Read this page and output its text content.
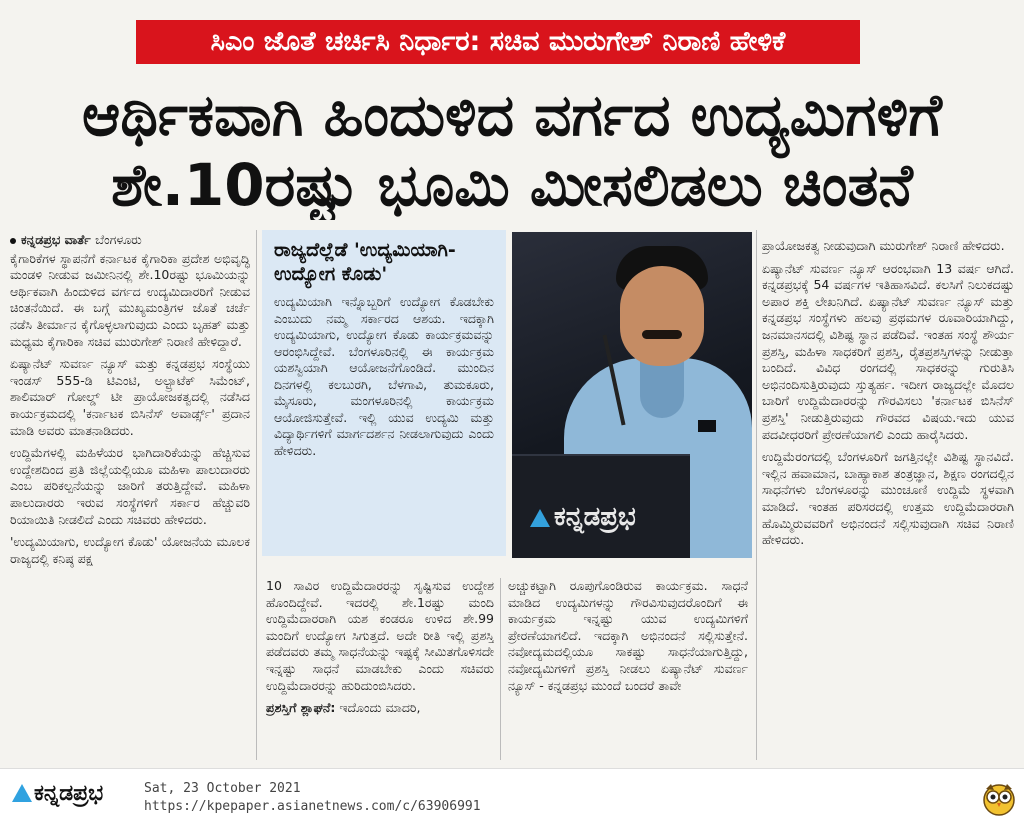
ಸಿಎಂ ಜೊತೆ ಚರ್ಚಿಸಿ ನಿರ್ಧಾರ: ಸಚಿವ ಮುರುಗೇಶ್ ನಿರಾಣಿ ಹೇಳಿಕೆ
ಆರ್ಥಿಕವಾಗಿ ಹಿಂದುಳಿದ ವರ್ಗದ ಉದ್ಯಮಿಗಳಿಗೆ
ಶೇ.10ರಷ್ಟು ಭೂಮಿ ಮೀಸಲಿಡಲು ಚಿಂತನೆ
ಕನ್ನಡಪ್ರಭ ವಾರ್ತೆ ಬೆಂಗಳೂರು

ಕೈಗಾರಿಕೆಗಳ ಸ್ಥಾಪನೆಗೆ ಕರ್ನಾಟಕ ಕೈಗಾರಿಕಾ ಪ್ರದೇಶ ಅಭಿವೃದ್ಧಿ ಮಂಡಳಿ ನೀಡುವ ಜಮೀನಿನಲ್ಲಿ ಶೇ.10ರಷ್ಟು ಭೂಮಿಯನ್ನು ಆರ್ಥಿಕವಾಗಿ ಹಿಂದುಳಿದ ವರ್ಗದ ಉದ್ಯಮಿದಾರರಿಗೆ ನೀಡುವ ಚಿಂತನೆಯಿದೆ. ಈ ಬಗ್ಗೆ ಮುಖ್ಯಮಂತ್ರಿಗಳ ಜೊತೆ ಚರ್ಚೆ ನಡೆಸಿ ತೀರ್ಮಾನ ಕೈಗೊಳ್ಳಲಾಗುವುದು ಎಂದು ಬೃಹತ್ ಮತ್ತು ಮಧ್ಯಮ ಕೈಗಾರಿಕಾ ಸಚಿವ ಮುರುಗೇಶ್ ನಿರಾಣಿ ಹೇಳಿದ್ದಾರೆ.

ಏಷ್ಯಾನೆಟ್ ಸುವರ್ಣ ನ್ಯೂಸ್ ಮತ್ತು ಕನ್ನಡಪ್ರಭ ಸಂಸ್ಥೆಯು ಇಂಡಸ್ 555-ಡಿ ಟಿಎಂಟಿ, ಅಲ್ಟ್ರಾಟೆಕ್ ಸಿಮೆಂಟ್, ಶಾಲಿಮಾರ್ ಗೋಲ್ಡ್ ಟೀ ಪ್ರಾಯೋಜಕತ್ವದಲ್ಲಿ ನಡೆಸಿದ ಕಾರ್ಯಕ್ರಮದಲ್ಲಿ 'ಕರ್ನಾಟಕ ಬಿಸಿನೆಸ್ ಅವಾರ್ಡ್ಸ್' ಪ್ರದಾನ ಮಾಡಿ ಅವರು ಮಾತನಾಡಿದರು.

ಉದ್ದಿಮೆಗಳಲ್ಲಿ ಮಹಿಳೆಯರ ಭಾಗಿದಾರಿಕೆಯನ್ನು ಹೆಚ್ಚಿಸುವ ಉದ್ದೇಶದಿಂದ ಪ್ರತಿ ಜಿಲ್ಲೆಯಲ್ಲಿಯೂ ಮಹಿಳಾ ಪಾಲುದಾರರು ಎಂಬ ಪರಿಕಲ್ಪನೆಯನ್ನು ಜಾರಿಗೆ ತರುತ್ತಿದ್ದೇವೆ. ಮಹಿಳಾ ಪಾಲುದಾರರು ಇರುವ ಸಂಸ್ಥೆಗಳಿಗೆ ಸರ್ಕಾರ ಹೆಚ್ಚುವರಿ ರಿಯಾಯಿತಿ ನೀಡಲಿದೆ ಎಂದು ಸಚಿವರು ಹೇಳಿದರು.

'ಉದ್ಯಮಿಯಾಗು, ಉದ್ಯೋಗ ಕೊಡು' ಯೋಜನೆಯ ಮೂಲಕ ರಾಜ್ಯದಲ್ಲಿ ಕನಿಷ್ಠ ಪಕ್ಷ

ರಾಜ್ಯದೆಲ್ಲೆಡೆ 'ಉದ್ಯಮಿಯಾಗಿ-ಉದ್ಯೋಗ ಕೊಡು'
ಉದ್ಯಮಿಯಾಗಿ ಇನ್ನೊಬ್ಬರಿಗೆ ಉದ್ಯೋಗ ಕೊಡಬೇಕು ಎಂಬುದು ನಮ್ಮ ಸರ್ಕಾರದ ಆಶಯ. ಇದಕ್ಕಾಗಿ ಉದ್ಯಮಿಯಾಗು, ಉದ್ಯೋಗ ಕೊಡು ಕಾರ್ಯಕ್ರಮವನ್ನು ಆರಂಭಿಸಿದ್ದೇವೆ. ಬೆಂಗಳೂರಿನಲ್ಲಿ ಈ ಕಾರ್ಯಕ್ರಮ ಯಶಸ್ವಿಯಾಗಿ ಆಯೋಜನೆಗೊಂಡಿದೆ. ಮುಂದಿನ ದಿನಗಳಲ್ಲಿ ಕಲಬುರಗಿ, ಬೆಳಗಾವಿ, ತುಮಕೂರು, ಮೈಸೂರು, ಮಂಗಳೂರಿನಲ್ಲಿ ಕಾರ್ಯಕ್ರಮ ಆಯೋಜಿಸುತ್ತೇವೆ. ಇಲ್ಲಿ ಯುವ ಉದ್ಯಮಿ ಮತ್ತು ವಿದ್ಯಾರ್ಥಿಗಳಿಗೆ ಮಾರ್ಗದರ್ಶನ ನೀಡಲಾಗುವುದು ಎಂದು ಹೇಳಿದರು.
ಕನ್ನಡಪ್ರಭ

10 ಸಾವಿರ ಉದ್ದಿಮೆದಾರರನ್ನು ಸೃಷ್ಟಿಸುವ ಉದ್ದೇಶ ಹೊಂದಿದ್ದೇವೆ. ಇದರಲ್ಲಿ ಶೇ.1ರಷ್ಟು ಮಂದಿ ಉದ್ದಿಮೆದಾರರಾಗಿ ಯಶ ಕಂಡರೂ ಉಳಿದ ಶೇ.99 ಮಂದಿಗೆ ಉದ್ಯೋಗ ಸಿಗುತ್ತದೆ. ಅದೇ ರೀತಿ ಇಲ್ಲಿ ಪ್ರಶಸ್ತಿ ಪಡೆದವರು ತಮ್ಮ ಸಾಧನೆಯನ್ನು ಇಷ್ಟಕ್ಕೆ ಸೀಮಿತಗೊಳಿಸದೇ ಇನ್ನಷ್ಟು ಸಾಧನೆ ಮಾಡಬೇಕು ಎಂದು ಸಚಿವರು ಉದ್ದಿಮೆದಾರರನ್ನು ಹುರಿದುಂಬಿಸಿದರು.

ಪ್ರಶಸ್ತಿಗೆ ಶ್ಲಾಘನೆ: ಇದೊಂದು ಮಾದರಿ,

ಅಚ್ಚುಕಟ್ಟಾಗಿ ರೂಪುಗೊಂಡಿರುವ ಕಾರ್ಯಕ್ರಮ. ಸಾಧನೆ ಮಾಡಿದ ಉದ್ಯಮಿಗಳನ್ನು ಗೌರವಿಸುವುದರೊಂದಿಗೆ ಈ ಕಾರ್ಯಕ್ರಮ ಇನ್ನಷ್ಟು ಯುವ ಉದ್ಯಮಿಗಳಿಗೆ ಪ್ರೇರಣೆಯಾಗಲಿದೆ. ಇದಕ್ಕಾಗಿ ಅಭಿನಂದನೆ ಸಲ್ಲಿಸುತ್ತೇನೆ. ನವೋದ್ಯಮದಲ್ಲಿಯೂ ಸಾಕಷ್ಟು ಸಾಧನೆಯಾಗುತ್ತಿದ್ದು, ನವೋದ್ಯಮಿಗಳಿಗೆ ಪ್ರಶಸ್ತಿ ನೀಡಲು ಏಷ್ಯಾನೆಟ್ ಸುವರ್ಣ ನ್ಯೂಸ್ - ಕನ್ನಡಪ್ರಭ ಮುಂದೆ ಬಂದರೆ ತಾವೇ

ಪ್ರಾಯೋಜಕತ್ವ ನೀಡುವುದಾಗಿ ಮುರುಗೇಶ್ ನಿರಾಣಿ ಹೇಳಿದರು.

ಏಷ್ಯಾನೆಟ್ ಸುವರ್ಣ ನ್ಯೂಸ್ ಆರಂಭವಾಗಿ 13 ವರ್ಷ ಆಗಿದೆ. ಕನ್ನಡಪ್ರಭಕ್ಕೆ 54 ವರ್ಷಗಳ ಇತಿಹಾಸವಿದೆ. ಕಲಸಿಗೆ ನಿಲುಕದಷ್ಟು ಅಪಾರ ಶಕ್ತಿ ಲೇಖನಿಗಿದೆ. ಏಷ್ಯಾನೆಟ್ ಸುವರ್ಣ ನ್ಯೂಸ್ ಮತ್ತು ಕನ್ನಡಪ್ರಭ ಸಂಸ್ಥೆಗಳು ಹಲವು ಪ್ರಥಮಗಳ ರೂವಾರಿಯಾಗಿದ್ದು, ಜನಮಾನಸದಲ್ಲಿ ವಿಶಿಷ್ಟ ಸ್ಥಾನ ಪಡೆದಿವೆ. ಇಂತಹ ಸಂಸ್ಥೆ ಶೌರ್ಯ ಪ್ರಶಸ್ತಿ, ಮಹಿಳಾ ಸಾಧಕರಿಗೆ ಪ್ರಶಸ್ತಿ, ರೈತಪ್ರಶಸ್ತಿಗಳನ್ನು ನೀಡುತ್ತಾ ಬಂದಿದೆ. ವಿವಿಧ ರಂಗದಲ್ಲಿ ಸಾಧಕರನ್ನು ಗುರುತಿಸಿ ಅಭಿನಂದಿಸುತ್ತಿರುವುದು ಸ್ತುತ್ಯರ್ಹ. ಇದೀಗ ರಾಜ್ಯದಲ್ಲೇ ಮೊದಲ ಬಾರಿಗೆ ಉದ್ದಿಮೆದಾರರನ್ನು ಗೌರವಿಸಲು 'ಕರ್ನಾಟಕ ಬಿಸಿನೆಸ್ ಪ್ರಶಸ್ತಿ' ನೀಡುತ್ತಿರುವುದು ಗೌರವದ ವಿಷಯ.ಇದು ಯುವ ಪದವೀಧರರಿಗೆ ಪ್ರೇರಣೆಯಾಗಲಿ ಎಂದು ಹಾರೈಸಿದರು.

ಉದ್ದಿಮೆರಂಗದಲ್ಲಿ ಬೆಂಗಳೂರಿಗೆ ಜಗತ್ತಿನಲ್ಲೇ ವಿಶಿಷ್ಟ ಸ್ಥಾನವಿದೆ. ಇಲ್ಲಿನ ಹವಾಮಾನ, ಬಾಹ್ಯಾಕಾಶ ತಂತ್ರಜ್ಞಾನ, ಶಿಕ್ಷಣ ರಂಗದಲ್ಲಿನ ಸಾಧನೆಗಳು ಬೆಂಗಳೂರನ್ನು ಮುಂಚೂಣಿ ಉದ್ದಿಮೆ ಸ್ಥಳವಾಗಿ ಮಾಡಿದೆ. ಇಂತಹ ಪರಿಸರದಲ್ಲಿ ಉತ್ತಮ ಉದ್ದಿಮೆದಾರರಾಗಿ ಹೊಮ್ಮಿರುವವರಿಗೆ ಅಭಿನಂದನೆ ಸಲ್ಲಿಸುವುದಾಗಿ ಸಚಿವ ನಿರಾಣಿ ಹೇಳಿದರು.

ಕನ್ನಡಪ್ರಭ	Sat, 23 October 2021
https://kpepaper.asianetnews.com/c/63906991
